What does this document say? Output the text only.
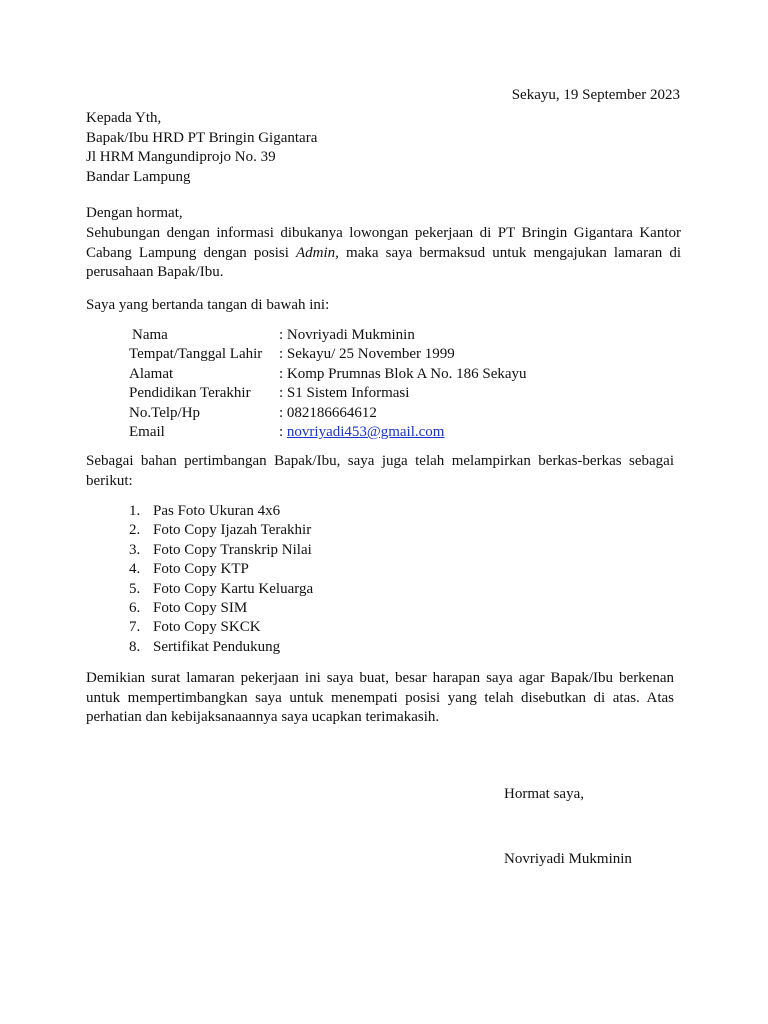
Sekayu, 19 September 2023
Kepada Yth,
Bapak/Ibu HRD PT Bringin Gigantara
Jl HRM Mangundiprojo No. 39
Bandar Lampung
Dengan hormat,
Sehubungan dengan informasi dibukanya lowongan pekerjaan di PT Bringin Gigantara Kantor Cabang Lampung dengan posisi Admin, maka saya bermaksud untuk mengajukan lamaran di perusahaan Bapak/Ibu.
Saya yang bertanda tangan di bawah ini:
Nama	: Novriyadi Mukminin
Tempat/Tanggal Lahir	: Sekayu/ 25 November 1999
Alamat	: Komp Prumnas Blok A No. 186 Sekayu
Pendidikan Terakhir	: S1 Sistem Informasi
No.Telp/Hp	: 082186664612
Email	: novriyadi453@gmail.com
Sebagai bahan pertimbangan Bapak/Ibu, saya juga telah melampirkan berkas-berkas sebagai berikut:
1. Pas Foto Ukuran 4x6
2. Foto Copy Ijazah Terakhir
3. Foto Copy Transkrip Nilai
4. Foto Copy KTP
5. Foto Copy Kartu Keluarga
6. Foto Copy SIM
7. Foto Copy SKCK
8. Sertifikat Pendukung
Demikian surat lamaran pekerjaan ini saya buat, besar harapan saya agar Bapak/Ibu berkenan untuk mempertimbangkan saya untuk menempati posisi yang telah disebutkan di atas. Atas perhatian dan kebijaksanaannya saya ucapkan terimakasih.
Hormat saya,
Novriyadi Mukminin
